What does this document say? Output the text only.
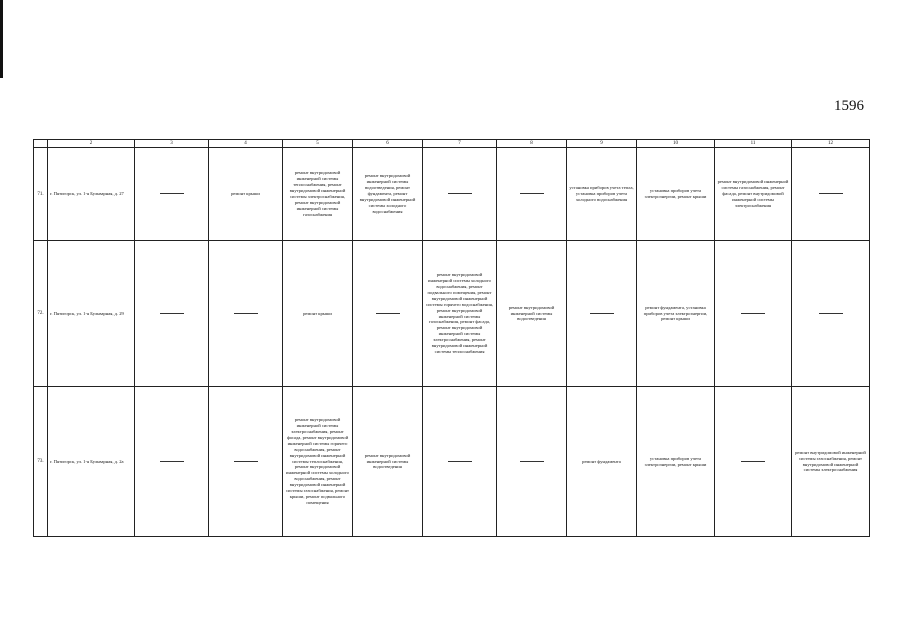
1596
	2	3	4	5	6	7	8	9	10	11	12
71.	г. Пятигорск, ул. 1-я Бульварная, д. 27		ремонт крыши	ремонт внутридомовой инженерной системы теплоснабжения, ремонт внутридомовой инженерной системы электроснабжения, ремонт внутридомовой инженерной системы газоснабжения	ремонт внутридомовой инженерной системы водоотведения, ремонт фундамента, ремонт внутридомовой инженерной системы холодного водоснабжения			установка приборов учета тепла, установка приборов учета холодного водоснабжения	установка приборов учета электроэнергии, ремонт крыши	ремонт внутридомовой инженерной системы газоснабжения, ремонт фасада, ремонт внутридомовой инженерной системы электроснабжения	
72.	г. Пятигорск, ул. 1-я Бульварная, д. 29			ремонт крыши		ремонт внутридомовой инженерной системы холодного водоснабжения, ремонт подвального помещения, ремонт внутридомовой инженерной системы горячего водоснабжения, ремонт внутридомовой инженерной системы газоснабжения, ремонт фасада, ремонт внутридомовой инженерной системы электроснабжения, ремонт внутридомовой инженерной системы теплоснабжения	ремонт внутридомовой инженерной системы водоотведения		ремонт фундамента, установка приборов учета электроэнергии, ремонт крыши		
73.	г. Пятигорск, ул. 1-я Бульварная, д. 2а			ремонт внутридомовой инженерной системы электроснабжения, ремонт фасада, ремонт внутридомовой инженерной системы горячего водоснабжения, ремонт внутридомовой инженерной системы теплоснабжения, ремонт внутридомовой инженерной системы холодного водоснабжения, ремонт внутридомовой инженерной системы газоснабжения, ремонт крыши, ремонт подвального помещения	ремонт внутридомовой инженерной системы водоотведения			ремонт фундамента	установка приборов учета электроэнергии, ремонт крыши		ремонт внутридомовой инженерной системы газоснабжения, ремонт внутридомовой инженерной системы электроснабжения
